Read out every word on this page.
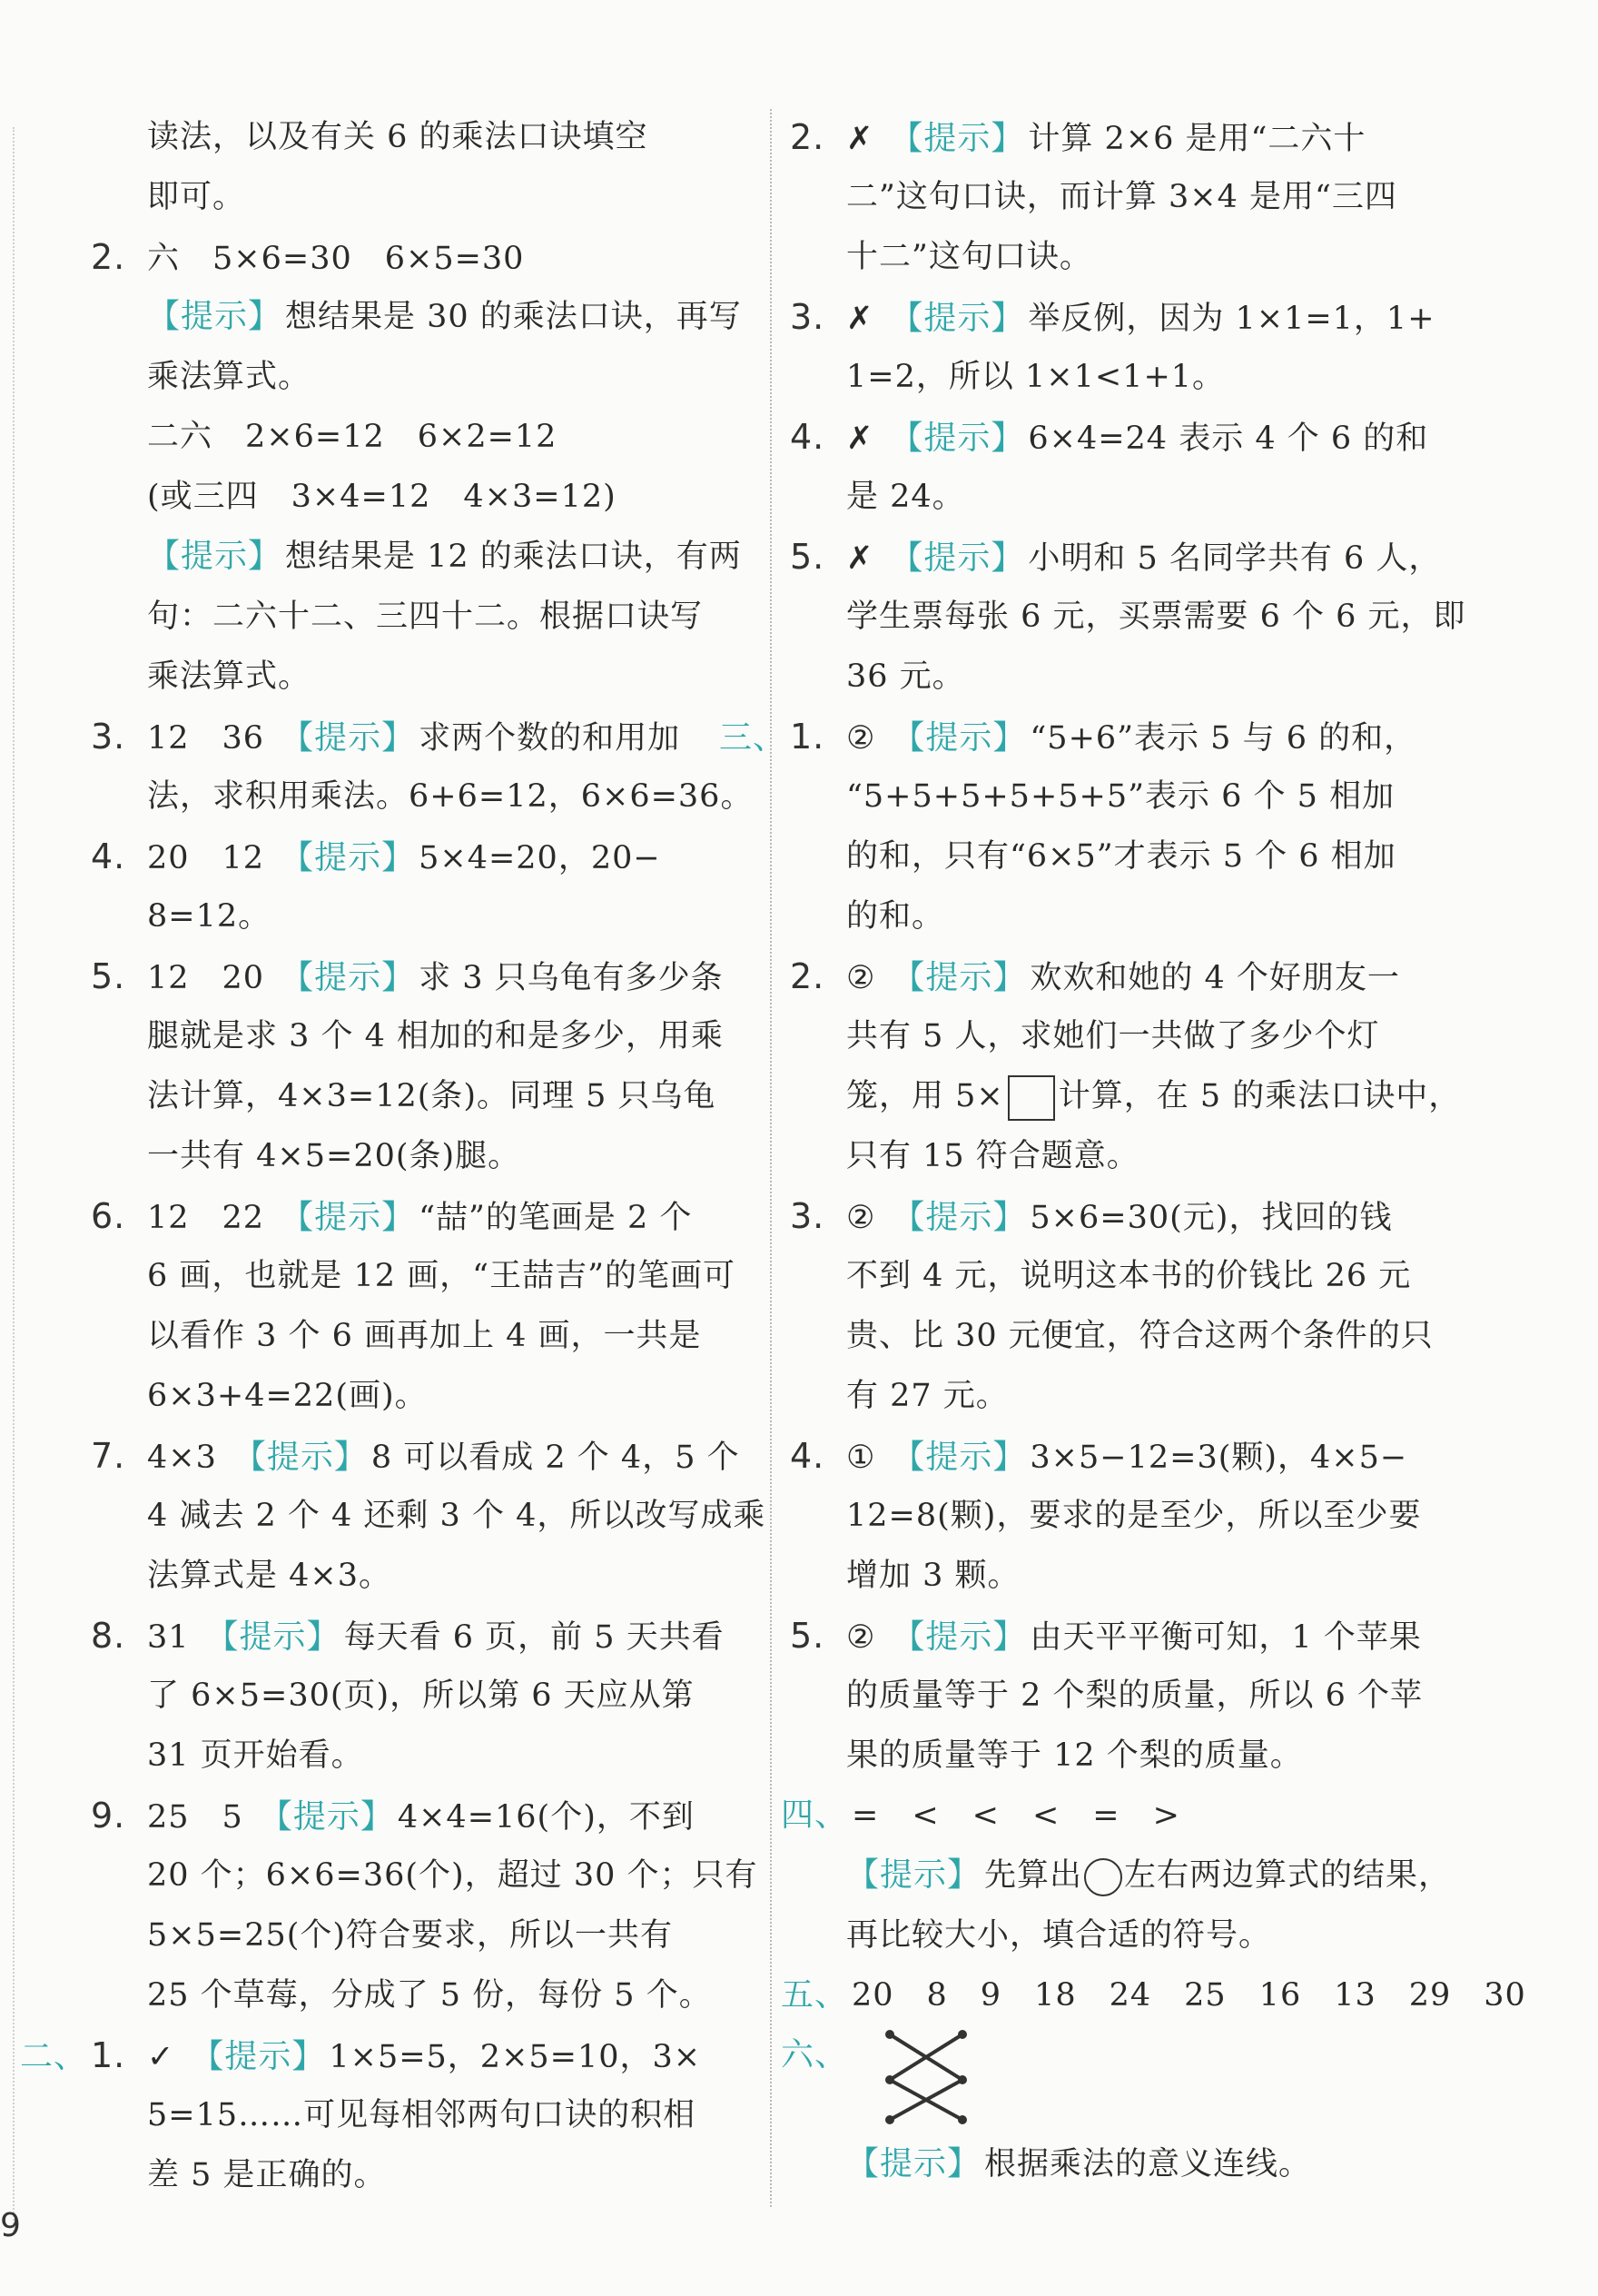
读法，以及有关 6 的乘法口诀填空
即可。
2. 六　5×6=30　6×5=30
【提示】 想结果是 30 的乘法口诀，再写
乘法算式。
二六　2×6=12　6×2=12
(或三四　3×4=12　4×3=12)
【提示】 想结果是 12 的乘法口诀，有两
句：二六十二、三四十二。根据口诀写
乘法算式。
3. 12　36 【提示】 求两个数的和用加
法，求积用乘法。6+6=12，6×6=36。
4. 20　12 【提示】 5×4=20，20−
8=12。
5. 12　20 【提示】 求 3 只乌龟有多少条
腿就是求 3 个 4 相加的和是多少，用乘
法计算，4×3=12(条)。同理 5 只乌龟
一共有 4×5=20(条)腿。
6. 12　22 【提示】 “喆”的笔画是 2 个
6 画，也就是 12 画，“王喆吉”的笔画可
以看作 3 个 6 画再加上 4 画，一共是
6×3+4=22(画)。
7. 4×3 【提示】 8 可以看成 2 个 4，5 个
4 减去 2 个 4 还剩 3 个 4，所以改写成乘
法算式是 4×3。
8. 31 【提示】 每天看 6 页，前 5 天共看
了 6×5=30(页)，所以第 6 天应从第
31 页开始看。
9. 25　5 【提示】 4×4=16(个)，不到
20 个；6×6=36(个)，超过 30 个；只有
5×5=25(个)符合要求，所以一共有
25 个草莓，分成了 5 份，每份 5 个。
二、 1. ✓ 【提示】 1×5=5，2×5=10，3×
5=15……可见每相邻两句口诀的积相
差 5 是正确的。
2. ✗ 【提示】 计算 2×6 是用“二六十
二”这句口诀，而计算 3×4 是用“三四
十二”这句口诀。
3. ✗ 【提示】 举反例，因为 1×1=1，1+
1=2，所以 1×1<1+1。
4. ✗ 【提示】 6×4=24 表示 4 个 6 的和
是 24。
5. ✗ 【提示】 小明和 5 名同学共有 6 人，
学生票每张 6 元，买票需要 6 个 6 元，即
36 元。
三、 1. ② 【提示】 “5+6”表示 5 与 6 的和，
“5+5+5+5+5+5”表示 6 个 5 相加
的和，只有“6×5”才表示 5 个 6 相加
的和。
2. ② 【提示】 欢欢和她的 4 个好朋友一
共有 5 人，求她们一共做了多少个灯
笼，用 5× 计算，在 5 的乘法口诀中，
只有 15 符合题意。
3. ② 【提示】 5×6=30(元)，找回的钱
不到 4 元，说明这本书的价钱比 26 元
贵、比 30 元便宜，符合这两个条件的只
有 27 元。
4. ① 【提示】 3×5−12=3(颗)，4×5−
12=8(颗)，要求的是至少，所以至少要
增加 3 颗。
5. ② 【提示】 由天平平衡可知，1 个苹果
的质量等于 2 个梨的质量，所以 6 个苹
果的质量等于 12 个梨的质量。
四、 =　<　<　<　=　>
【提示】 先算出 左右两边算式的结果，
再比较大小，填合适的符号。
五、 20　8　9　18　24　25　16　13　29　30
六、
【提示】 根据乘法的意义连线。
9
